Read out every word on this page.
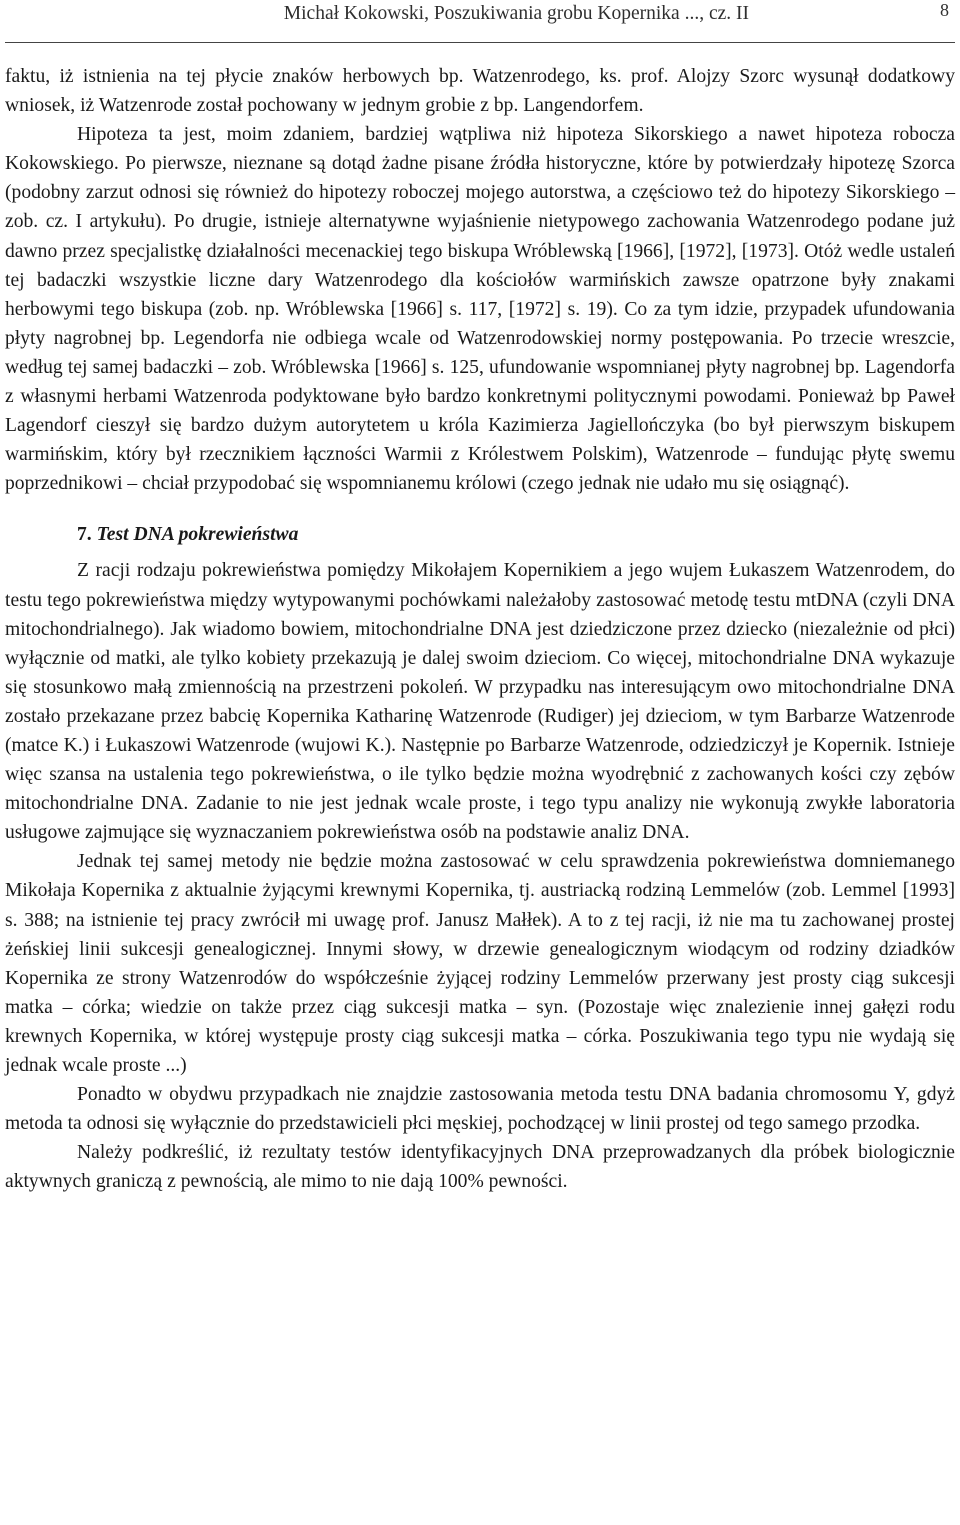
Michał Kokowski, Poszukiwania grobu Kopernika ..., cz. II	8

faktu, iż istnienia na tej płycie znaków herbowych bp. Watzenrodego, ks. prof. Alojzy Szorc wysunął dodatkowy wniosek, iż Watzenrode został pochowany w jednym grobie z bp. Langendorfem.

Hipoteza ta jest, moim zdaniem, bardziej wątpliwa niż hipoteza Sikorskiego a nawet hipoteza robocza Kokowskiego. Po pierwsze, nieznane są dotąd żadne pisane źródła historyczne, które by potwierdzały hipotezę Szorca (podobny zarzut odnosi się również do hipotezy roboczej mojego autorstwa, a częściowo też do hipotezy Sikorskiego – zob. cz. I artykułu). Po drugie, istnieje alternatywne wyjaśnienie nietypowego zachowania Watzenrodego podane już dawno przez specjalistkę działalności mecenackiej tego biskupa Wróblewską [1966], [1972], [1973]. Otóż wedle ustaleń tej badaczki wszystkie liczne dary Watzenrodego dla kościołów warmińskich zawsze opatrzone były znakami herbowymi tego biskupa (zob. np. Wróblewska [1966] s. 117, [1972] s. 19). Co za tym idzie, przypadek ufundowania płyty nagrobnej bp. Legendorfa nie odbiega wcale od Watzenrodowskiej normy postępowania. Po trzecie wreszcie, według tej samej badaczki – zob. Wróblewska [1966] s. 125, ufundowanie wspomnianej płyty nagrobnej bp. Lagendorfa z własnymi herbami Watzenroda podyktowane było bardzo konkretnymi politycznymi powodami. Ponieważ bp Paweł Lagendorf cieszył się bardzo dużym autorytetem u króla Kazimierza Jagiellończyka (bo był pierwszym biskupem warmińskim, który był rzecznikiem łączności Warmii z Królestwem Polskim), Watzenrode – fundując płytę swemu poprzednikowi – chciał przypodobać się wspomnianemu królowi (czego jednak nie udało mu się osiągnąć).

7. Test DNA pokrewieństwa

Z racji rodzaju pokrewieństwa pomiędzy Mikołajem Kopernikiem a jego wujem Łukaszem Watzenrodem, do testu tego pokrewieństwa między wytypowanymi pochówkami należałoby zastosować metodę testu mtDNA (czyli DNA mitochondrialnego). Jak wiadomo bowiem, mitochondrialne DNA jest dziedziczone przez dziecko (niezależnie od płci) wyłącznie od matki, ale tylko kobiety przekazują je dalej swoim dzieciom. Co więcej, mitochondrialne DNA wykazuje się stosunkowo małą zmiennością na przestrzeni pokoleń. W przypadku nas interesującym owo mitochondrialne DNA zostało przekazane przez babcię Kopernika Katharinę Watzenrode (Rudiger) jej dzieciom, w tym Barbarze Watzenrode (matce K.) i Łukaszowi Watzenrode (wujowi K.). Następnie po Barbarze Watzenrode, odziedziczył je Kopernik. Istnieje więc szansa na ustalenia tego pokrewieństwa, o ile tylko będzie można wyodrębnić z zachowanych kości czy zębów mitochondrialne DNA. Zadanie to nie jest jednak wcale proste, i tego typu analizy nie wykonują zwykłe laboratoria usługowe zajmujące się wyznaczaniem pokrewieństwa osób na podstawie analiz DNA.

Jednak tej samej metody nie będzie można zastosować w celu sprawdzenia pokrewieństwa domniemanego Mikołaja Kopernika z aktualnie żyjącymi krewnymi Kopernika, tj. austriacką rodziną Lemmelów (zob. Lemmel [1993] s. 388; na istnienie tej pracy zwrócił mi uwagę prof. Janusz Małłek). A to z tej racji, iż nie ma tu zachowanej prostej żeńskiej linii sukcesji genealogicznej. Innymi słowy, w drzewie genealogicznym wiodącym od rodziny dziadków Kopernika ze strony Watzenrodów do współcześnie żyjącej rodziny Lemmelów przerwany jest prosty ciąg sukcesji matka – córka; wiedzie on także przez ciąg sukcesji matka – syn. (Pozostaje więc znalezienie innej gałęzi rodu krewnych Kopernika, w której występuje prosty ciąg sukcesji matka – córka. Poszukiwania tego typu nie wydają się jednak wcale proste ...)

Ponadto w obydwu przypadkach nie znajdzie zastosowania metoda testu DNA badania chromosomu Y, gdyż metoda ta odnosi się wyłącznie do przedstawicieli płci męskiej, pochodzącej w linii prostej od tego samego przodka.

Należy podkreślić, iż rezultaty testów identyfikacyjnych DNA przeprowadzanych dla próbek biologicznie aktywnych graniczą z pewnością, ale mimo to nie dają 100% pewności.
